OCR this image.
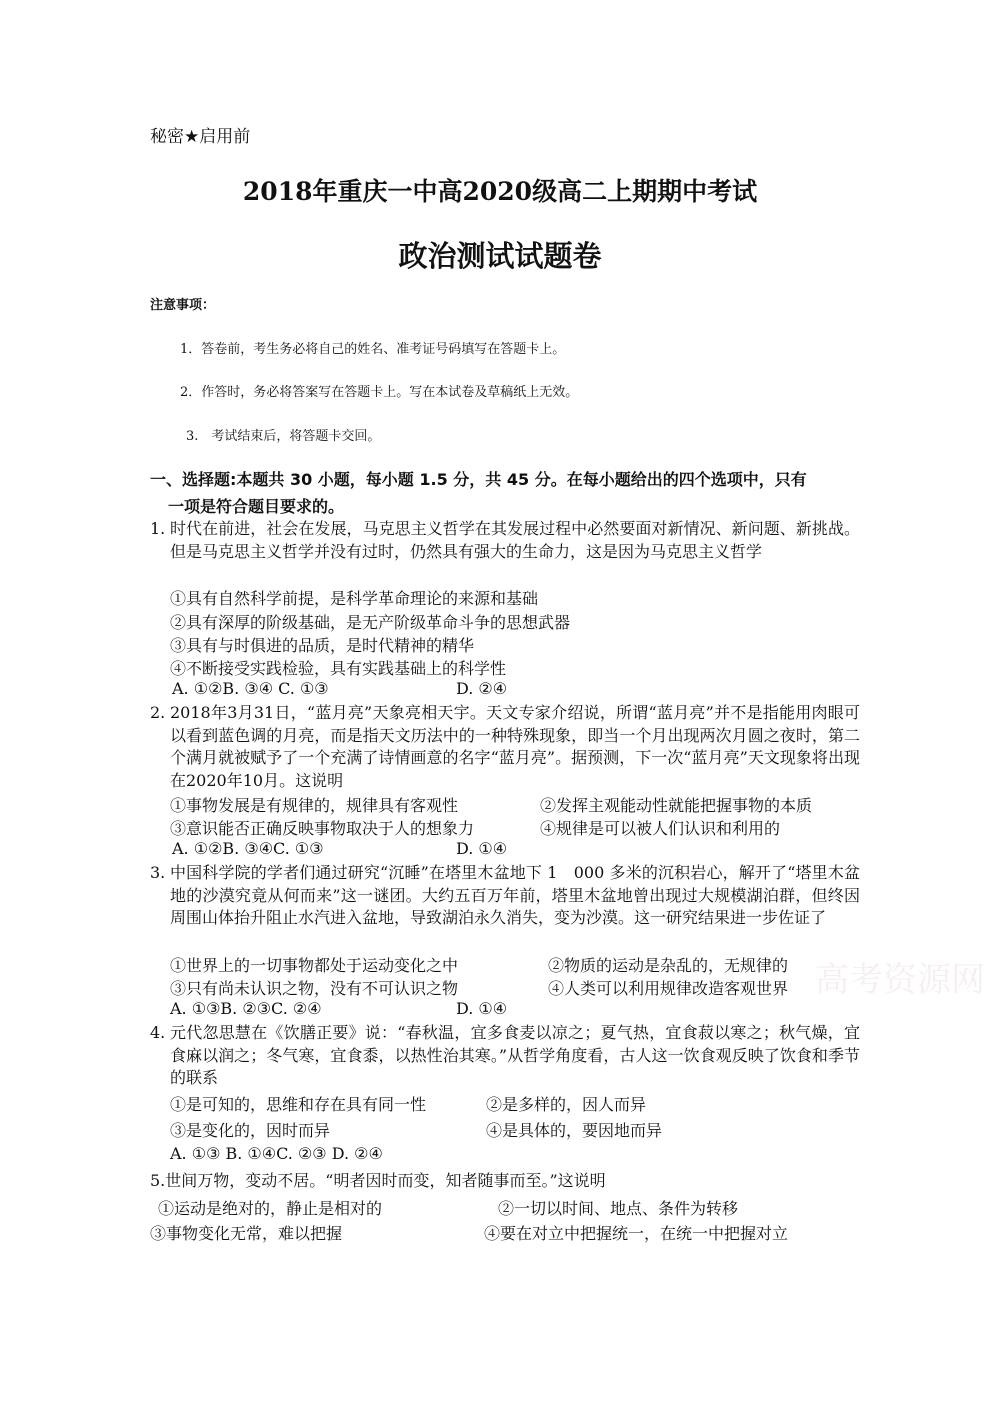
秘密★启用前
2018年重庆一中高2020级高二上期期中考试
政治测试试题卷
注意事项：
1．答卷前，考生务必将自己的姓名、准考证号码填写在答题卡上。
2．作答时，务必将答案写在答题卡上。写在本试卷及草稿纸上无效。
3.　考试结束后，将答题卡交回。
一、选择题:本题共 30 小题，每小题 1.5 分，共 45 分。在每小题给出的四个选项中，只有
一项是符合题目要求的。
1. 时代在前进，社会在发展，马克思主义哲学在其发展过程中必然要面对新情况、新问题、新挑战。但是马克思主义哲学并没有过时，仍然具有强大的生命力，这是因为马克思主义哲学
①具有自然科学前提，是科学革命理论的来源和基础
②具有深厚的阶级基础，是无产阶级革命斗争的思想武器
③具有与时俱进的品质，是时代精神的精华
④不断接受实践检验，具有实践基础上的科学性
A. ①②B. ③④ C. ①③	D. ②④
2. 2018年3月31日，“蓝月亮”天象亮相天宇。天文专家介绍说，所谓“蓝月亮”并不是指能用肉眼可以看到蓝色调的月亮，而是指天文历法中的一种特殊现象，即当一个月出现两次月圆之夜时，第二个满月就被赋予了一个充满了诗情画意的名字“蓝月亮”。据预测，下一次“蓝月亮”天文现象将出现在2020年10月。这说明
①事物发展是有规律的，规律具有客观性	②发挥主观能动性就能把握事物的本质
③意识能否正确反映事物取决于人的想象力	④规律是可以被人们认识和利用的
A. ①②B. ③④C. ①③	D. ①④
3. 中国科学院的学者们通过研究“沉睡”在塔里木盆地下 1　000 多米的沉积岩心，解开了“塔里木盆地的沙漠究竟从何而来”这一谜团。大约五百万年前，塔里木盆地曾出现过大规模湖泊群，但终因周围山体抬升阻止水汽进入盆地，导致湖泊永久消失，变为沙漠。这一研究结果进一步佐证了
①世界上的一切事物都处于运动变化之中	②物质的运动是杂乱的，无规律的
③只有尚未认识之物，没有不可认识之物	④人类可以利用规律改造客观世界
A. ①③B. ②③C. ②④	D. ①④
高考资源网
4. 元代忽思慧在《饮膳正要》说：“春秋温，宜多食麦以凉之；夏气热，宜食菽以寒之；秋气燥，宜食麻以润之；冬气寒，宜食黍，以热性治其寒。”从哲学角度看，古人这一饮食观反映了饮食和季节的联系
①是可知的，思维和存在具有同一性	②是多样的，因人而异
③是变化的，因时而异	④是具体的，要因地而异
A. ①③ B. ①④C. ②③ D. ②④
5.世间万物，变动不居。“明者因时而变，知者随事而至。”这说明
①运动是绝对的，静止是相对的	②一切以时间、地点、条件为转移
③事物变化无常，难以把握	④要在对立中把握统一，在统一中把握对立
